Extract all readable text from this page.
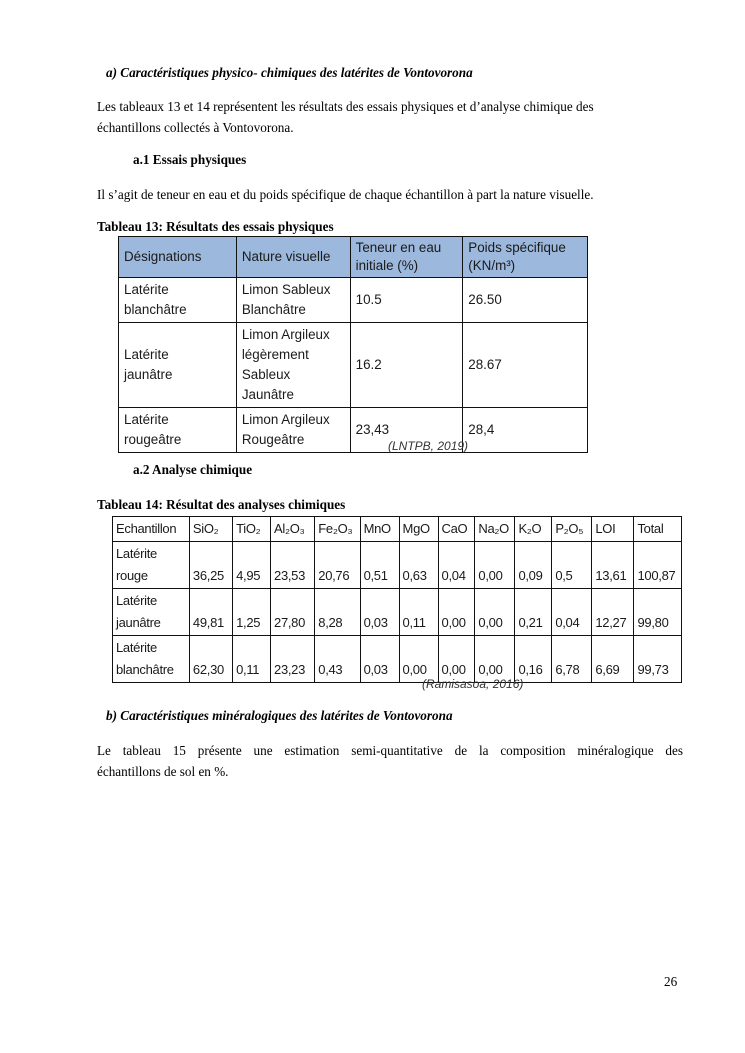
a) Caractéristiques physico- chimiques des latérites de Vontovorona
Les tableaux 13 et 14 représentent les résultats des essais physiques et d’analyse chimique des
échantillons collectés à Vontovorona.
a.1 Essais physiques
Il s’agit de teneur en eau et du poids spécifique de chaque échantillon à part la nature visuelle.
Tableau 13: Résultats des essais physiques
Désignations	Nature visuelle	Teneur en eau
initiale (%)	Poids spécifique
(KN/m³)

Latérite
blanchâtre	Limon Sableux
Blanchâtre	10.5	26.50

Latérite
jaunâtre	Limon Argileux
légèrement
Sableux
Jaunâtre	16.2	28.67

Latérite
rougeâtre	Limon Argileux
Rougeâtre	23,43	28,4
(LNTPB, 2019)
a.2 Analyse chimique
Tableau 14: Résultat des analyses chimiques
Echantillon	SiO₂	TiO₂	Al₂O₃	Fe₂O₃	MnO	MgO	CaO	Na₂O	K₂O	P₂O₅	LOI	Total

Latérite
rouge	36,25	4,95	23,53	20,76	0,51	0,63	0,04	0,00	0,09	0,5	13,61	100,87

Latérite
jaunâtre	49,81	1,25	27,80	8,28	0,03	0,11	0,00	0,00	0,21	0,04	12,27	99,80

Latérite
blanchâtre	62,30	0,11	23,23	0,43	0,03	0,00	0,00	0,00	0,16	6,78	6,69	99,73
(Ramisasoa, 2016)
b) Caractéristiques minéralogiques des latérites de Vontovorona
Le tableau 15 présente une estimation semi-quantitative de la composition minéralogique des
échantillons de sol en %.
26
